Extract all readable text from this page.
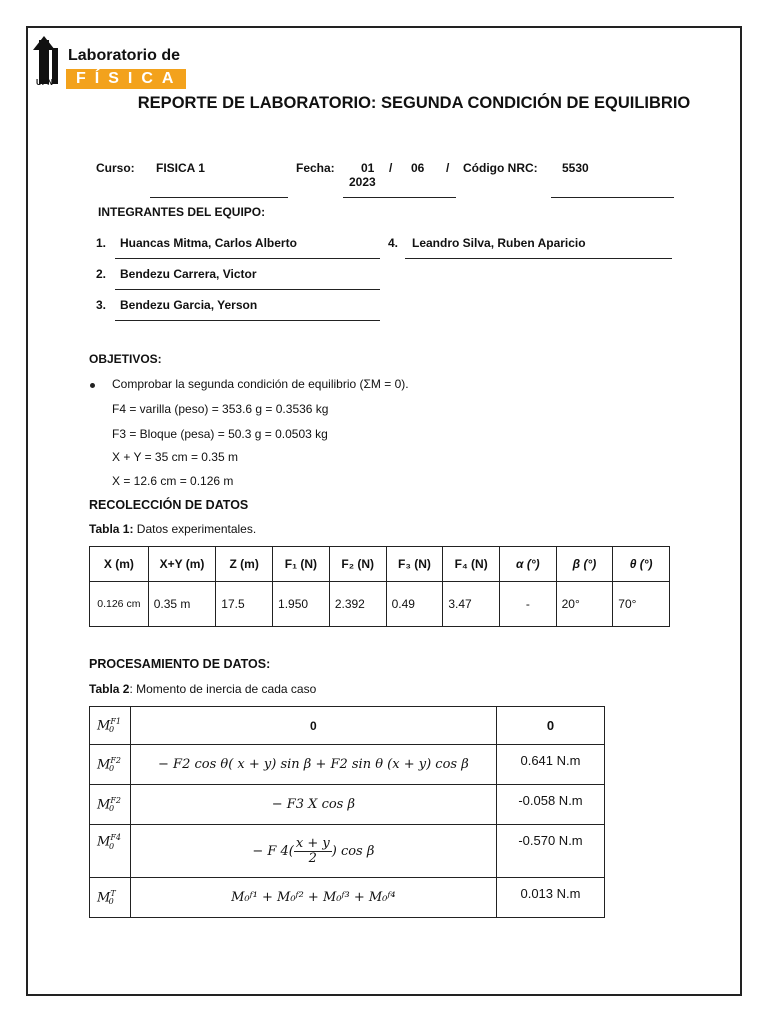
UPN
Laboratorio de
FÍSICA
REPORTE DE LABORATORIO: SEGUNDA CONDICIÓN DE EQUILIBRIO
Curso: FISICA 1	Fecha: 01 / 06 /
2023
Código NRC: 5530
INTEGRANTES DEL EQUIPO:
1. Huancas Mitma, Carlos Alberto
2. Bendezu Carrera, Victor
3. Bendezu Garcia, Yerson
4. Leandro Silva, Ruben Aparicio
OBJETIVOS:
Comprobar la segunda condición de equilibrio (ΣM = 0).
F4 = varilla (peso) = 353.6 g = 0.3536 kg
F3 = Bloque (pesa) = 50.3 g = 0.0503 kg
X + Y = 35 cm = 0.35 m
X = 12.6 cm = 0.126 m
RECOLECCIÓN DE DATOS
Tabla 1: Datos experimentales.
X (m)	X+Y (m)	Z (m)	F₁ (N)	F₂ (N)	F₃ (N)	F₄ (N)	α (°)	β (°)	θ (°)
0.126 cm	0.35 m	17.5	1.950	2.392	0.49	3.47	-	20°	70°
PROCESAMIENTO DE DATOS:
Tabla 2: Momento de inercia de cada caso
$M^{F1}_0$	0	0
$M^{F2}_0$	− F2 cos θ( x + y) sin β + F2 sin θ (x + y) cos β	0.641 N.m
$M^{F2}_0$	− F3 X cos β	-0.058 N.m
$M^{F4}_0$	− F $4( \frac{x + y}{2}$ ) cos β	-0.570 N.m
$M^T_0$	M₀ᶠ¹ + M₀ᶠ² + M₀ᶠ³ + M₀ᶠ⁴	0.013 N.m
